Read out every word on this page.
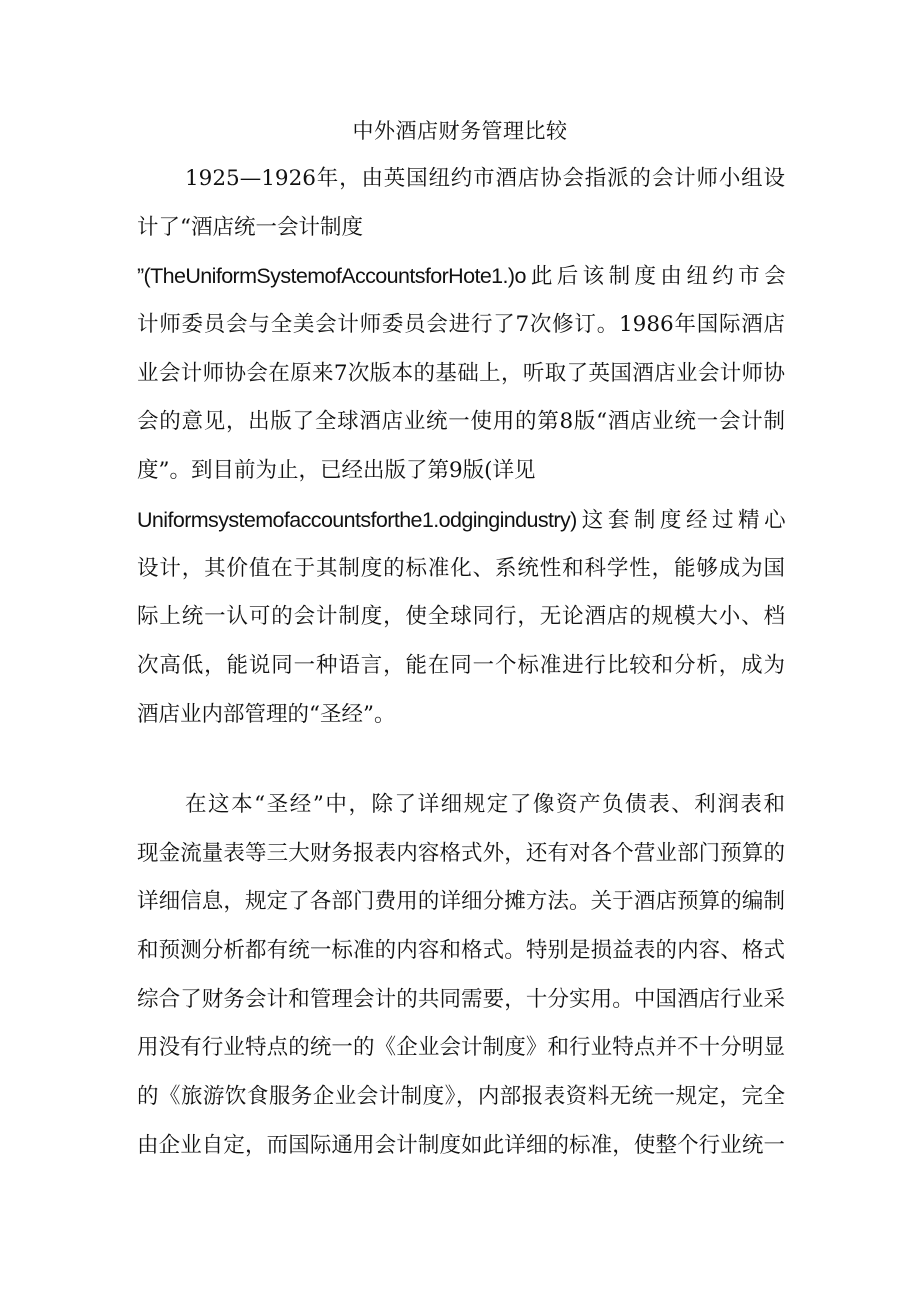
中外酒店财务管理比较
1925—1926年，由英国纽约市酒店协会指派的会计师小组设
计了“酒店统一会计制度
”(TheUniformSystemofAccountsforHote1.)o此后该制度由纽约市会
计师委员会与全美会计师委员会进行了7次修订。1986年国际酒店
业会计师协会在原来7次版本的基础上，听取了英国酒店业会计师协
会的意见，出版了全球酒店业统一使用的第8版“酒店业统一会计制
度”。到目前为止，已经出版了第9版(详见
Uniformsystemofaccountsforthe1.odgingindustry)这套制度经过精心
设计，其价值在于其制度的标准化、系统性和科学性，能够成为国
际上统一认可的会计制度，使全球同行，无论酒店的规模大小、档
次高低，能说同一种语言，能在同一个标准进行比较和分析，成为
酒店业内部管理的“圣经”。
在这本“圣经”中，除了详细规定了像资产负债表、利润表和
现金流量表等三大财务报表内容格式外，还有对各个营业部门预算的
详细信息，规定了各部门费用的详细分摊方法。关于酒店预算的编制
和预测分析都有统一标准的内容和格式。特别是损益表的内容、格式
综合了财务会计和管理会计的共同需要，十分实用。中国酒店行业采
用没有行业特点的统一的《企业会计制度》和行业特点并不十分明显
的《旅游饮食服务企业会计制度》，内部报表资料无统一规定，完全
由企业自定，而国际通用会计制度如此详细的标准，使整个行业统一
